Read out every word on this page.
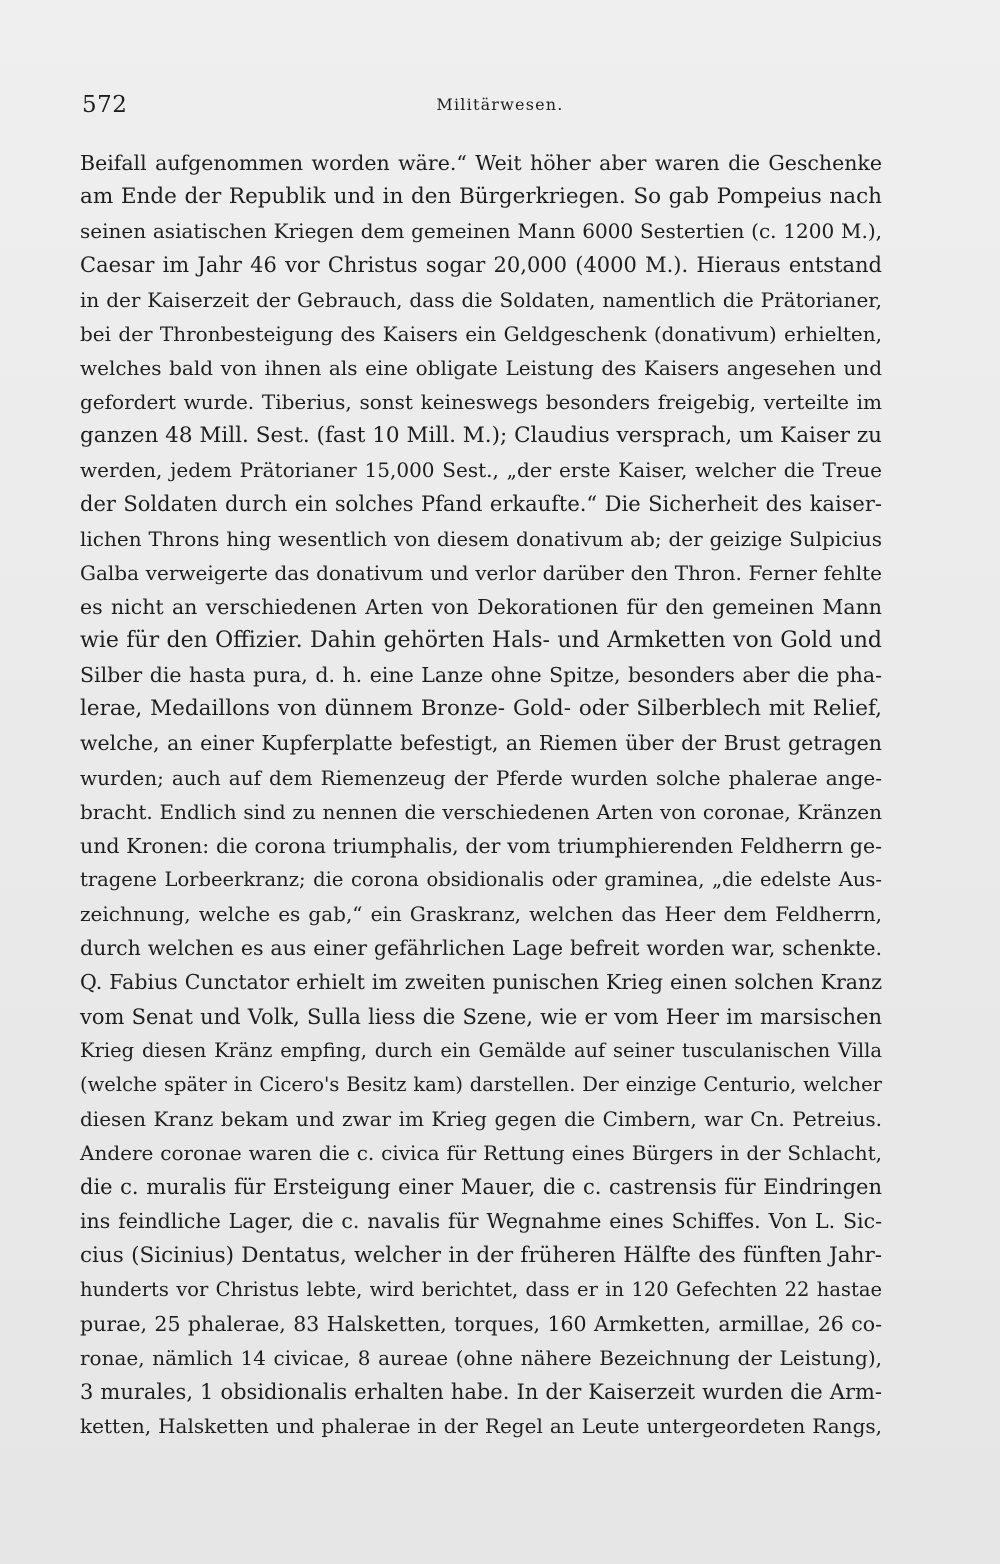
572	Militärwesen.
Beifall aufgenommen worden wäre.“ Weit höher aber waren die Geschenke
am Ende der Republik und in den Bürgerkriegen. So gab Pompeius nach
seinen asiatischen Kriegen dem gemeinen Mann 6000 Sestertien (c. 1200 M.),
Caesar im Jahr 46 vor Christus sogar 20,000 (4000 M.). Hieraus entstand
in der Kaiserzeit der Gebrauch, dass die Soldaten, namentlich die Prätorianer,
bei der Thronbesteigung des Kaisers ein Geldgeschenk (donativum) erhielten,
welches bald von ihnen als eine obligate Leistung des Kaisers angesehen und
gefordert wurde. Tiberius, sonst keineswegs besonders freigebig, verteilte im
ganzen 48 Mill. Sest. (fast 10 Mill. M.); Claudius versprach, um Kaiser zu
werden, jedem Prätorianer 15,000 Sest., „der erste Kaiser, welcher die Treue
der Soldaten durch ein solches Pfand erkaufte.“ Die Sicherheit des kaiser-
lichen Throns hing wesentlich von diesem donativum ab; der geizige Sulpicius
Galba verweigerte das donativum und verlor darüber den Thron. Ferner fehlte
es nicht an verschiedenen Arten von Dekorationen für den gemeinen Mann
wie für den Offizier. Dahin gehörten Hals- und Armketten von Gold und
Silber die hasta pura, d. h. eine Lanze ohne Spitze, besonders aber die pha-
lerae, Medaillons von dünnem Bronze- Gold- oder Silberblech mit Relief,
welche, an einer Kupferplatte befestigt, an Riemen über der Brust getragen
wurden; auch auf dem Riemenzeug der Pferde wurden solche phalerae ange-
bracht. Endlich sind zu nennen die verschiedenen Arten von coronae, Kränzen
und Kronen: die corona triumphalis, der vom triumphierenden Feldherrn ge-
tragene Lorbeerkranz; die corona obsidionalis oder graminea, „die edelste Aus-
zeichnung, welche es gab,“ ein Graskranz, welchen das Heer dem Feldherrn,
durch welchen es aus einer gefährlichen Lage befreit worden war, schenkte.
Q. Fabius Cunctator erhielt im zweiten punischen Krieg einen solchen Kranz
vom Senat und Volk, Sulla liess die Szene, wie er vom Heer im marsischen
Krieg diesen Kränz empfing, durch ein Gemälde auf seiner tusculanischen Villa
(welche später in Cicero's Besitz kam) darstellen. Der einzige Centurio, welcher
diesen Kranz bekam und zwar im Krieg gegen die Cimbern, war Cn. Petreius.
Andere coronae waren die c. civica für Rettung eines Bürgers in der Schlacht,
die c. muralis für Ersteigung einer Mauer, die c. castrensis für Eindringen
ins feindliche Lager, die c. navalis für Wegnahme eines Schiffes. Von L. Sic-
cius (Sicinius) Dentatus, welcher in der früheren Hälfte des fünften Jahr-
hunderts vor Christus lebte, wird berichtet, dass er in 120 Gefechten 22 hastae
purae, 25 phalerae, 83 Halsketten, torques, 160 Armketten, armillae, 26 co-
ronae, nämlich 14 civicae, 8 aureae (ohne nähere Bezeichnung der Leistung),
3 murales, 1 obsidionalis erhalten habe. In der Kaiserzeit wurden die Arm-
ketten, Halsketten und phalerae in der Regel an Leute untergeordeten Rangs,
